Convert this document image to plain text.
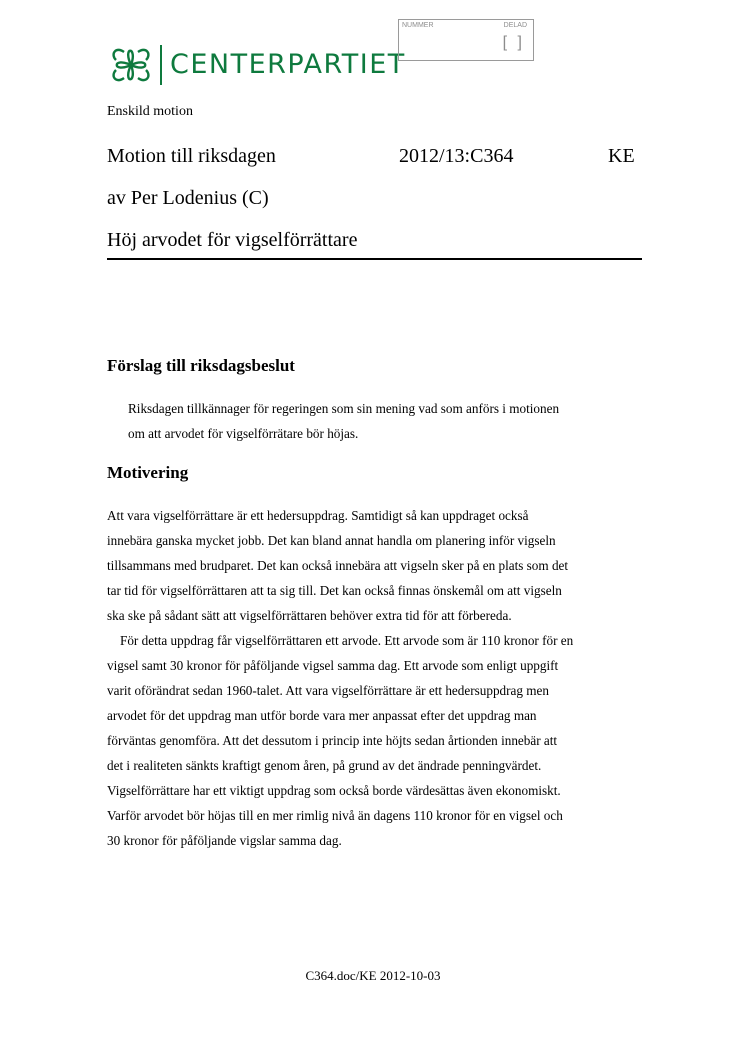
CENTERPARTIET
NUMMER	DELAD
[ ]
Enskild motion
Motion till riksdagen	2012/13:C364	KE
av Per Lodenius (C)
Höj arvodet för vigselförrättare
Förslag till riksdagsbeslut
Riksdagen tillkännager för regeringen som sin mening vad som anförs i motionen
om att arvodet för vigselförrätare bör höjas.
Motivering
Att vara vigselförrättare är ett hedersuppdrag. Samtidigt så kan uppdraget också
innebära ganska mycket jobb. Det kan bland annat handla om planering inför vigseln
tillsammans med brudparet. Det kan också innebära att vigseln sker på en plats som det
tar tid för vigselförrättaren att ta sig till. Det kan också finnas önskemål om att vigseln
ska ske på sådant sätt att vigselförrättaren behöver extra tid för att förbereda.
För detta uppdrag får vigselförrättaren ett arvode. Ett arvode som är 110 kronor för en
vigsel samt 30 kronor för påföljande vigsel samma dag. Ett arvode som enligt uppgift
varit oförändrat sedan 1960-talet. Att vara vigselförrättare är ett hedersuppdrag men
arvodet för det uppdrag man utför borde vara mer anpassat efter det uppdrag man
förväntas genomföra. Att det dessutom i princip inte höjts sedan årtionden innebär att
det i realiteten sänkts kraftigt genom åren, på grund av det ändrade penningvärdet.
Vigselförrättare har ett viktigt uppdrag som också borde värdesättas även ekonomiskt.
Varför arvodet bör höjas till en mer rimlig nivå än dagens 110 kronor för en vigsel och
30 kronor för påföljande vigslar samma dag.
C364.doc/KE 2012-10-03
